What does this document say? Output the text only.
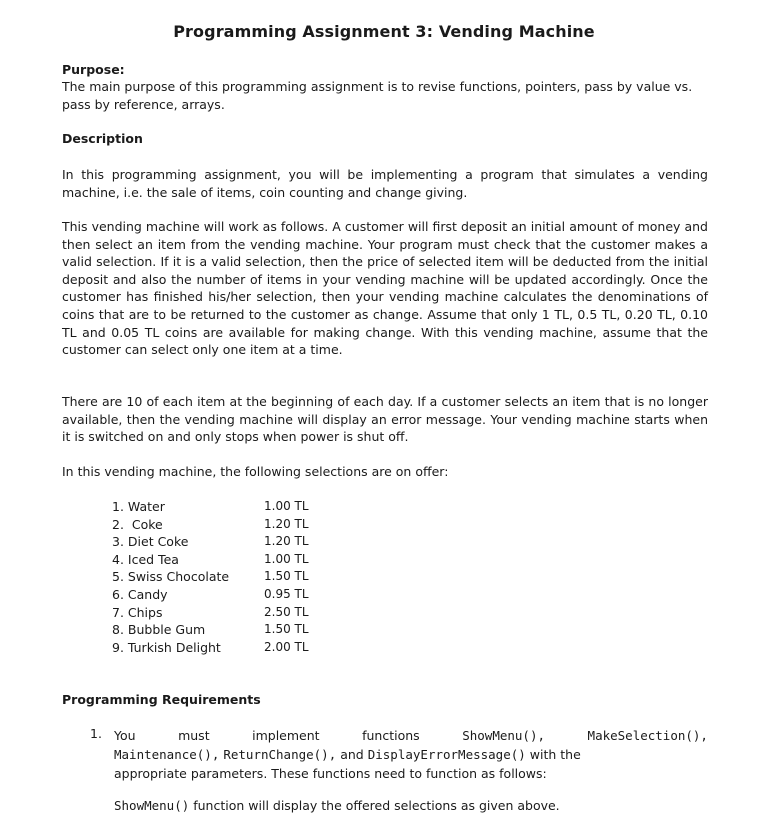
Programming Assignment 3: Vending Machine
Purpose:

The main purpose of this programming assignment is to revise functions, pointers, pass by value vs. pass by reference, arrays.

Description

In this programming assignment, you will be implementing a program that simulates a vending machine, i.e. the sale of items, coin counting and change giving.

This vending machine will work as follows. A customer will first deposit an initial amount of money and then select an item from the vending machine. Your program must check that the customer makes a valid selection. If it is a valid selection, then the price of selected item will be deducted from the initial deposit and also the number of items in your vending machine will be updated accordingly. Once the customer has finished his/her selection, then your vending machine calculates the denominations of coins that are to be returned to the customer as change. Assume that only 1 TL, 0.5 TL, 0.20 TL, 0.10 TL and 0.05 TL coins are available for making change. With this vending machine, assume that the customer can select only one item at a time.

There are 10 of each item at the beginning of each day. If a customer selects an item that is no longer available, then the vending machine will display an error message. Your vending machine starts when it is switched on and only stops when power is shut off.

In this vending machine, the following selections are on offer:

1. Water	1.00 TL
2.  Coke	1.20 TL
3. Diet Coke	1.20 TL
4. Iced Tea	1.00 TL
5. Swiss Chocolate	1.50 TL
6. Candy	0.95 TL
7. Chips	2.50 TL
8. Bubble Gum	1.50 TL
9. Turkish Delight	2.00 TL
Programming Requirements
1. You	must	implement	functions	ShowMenu(),	MakeSelection(),
Maintenance(), ReturnChange(), and DisplayErrorMessage() with the
appropriate parameters. These functions need to function as follows:
ShowMenu() function will display the offered selections as given above.
